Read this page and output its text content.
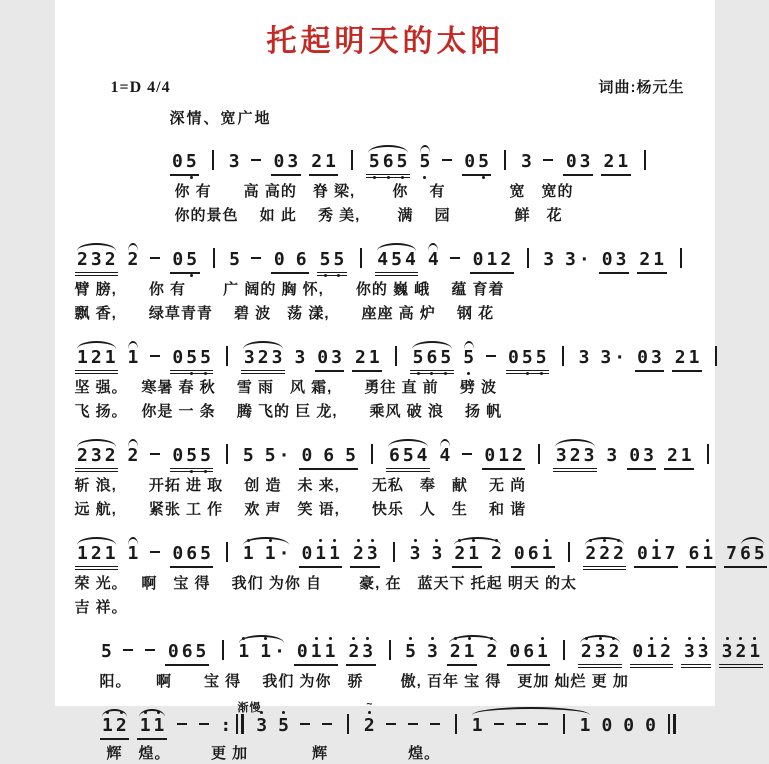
托起明天的太阳
1=D 4/4	词曲:杨元生
深情、宽广地
0 5 3 0 3 2 1 5 6 5 5 0 5 3 0 3 2 1
你 有　　高 高的　脊 梁,　　 你　 有　　　　宽　宽的
你的景色　 如 此　 秀 美,　　 满　 园　　　　鲜　花
2 3 2 2 0 5 5 0 6 5 5 4 5 4 4 0 1 2 3 3 · 0 3 2 1
臂 膀,　　你 有　　 广 阔的 胸 怀,　　你的 巍 峨　 蕴 育着
飘 香,　　绿草青青　 碧 波　荡 漾,　　座座 高 炉　 钢 花
1 2 1 1 0 5 5 3 2 3 3 0 3 2 1 5 6 5 5 0 5 5 3 3 · 0 3 2 1
坚 强。　 寒暑 春 秋　 雪 雨　风 霜,　　勇往 直 前　 劈 波
飞 扬。　 你是 一 条　 腾 飞的 巨 龙,　　乘风 破 浪　 扬 帆
2 3 2 2 0 5 5 5 5 · 0 6 5 6 5 4 4 0 1 2 3 2 3 3 0 3 2 1
斩 浪,　　开拓 进 取　 创 造　未 来,　　无私　奉　献　 无 尚
远 航,　　紧张 工 作　 欢 声　笑 语,　　快乐　人　生　 和 谐
1 2 1 1 0 6 5 1 1 · 0 1 1 2 3 3 3 2 1 2 0 6 1 2 2 2 0 1 7 6 1 7 6 5
荣 光。　 啊　宝 得　 我们 为你 自　　 豪, 在　蓝天下 托起 明天 的太
吉 祥。
5	0 6 5 1 1 · 0 1 1 2 3 5 3 2 1 2 0 6 1 2 3 2 0 1 2 3 3 3 2 1
阳。　　啊　　宝 得　 我们 为你　骄　　 傲, 百年 宝 得　更加 灿烂 更 加
1 2 1 1	: 3 5	2
∼
1	1 0 0 0
渐慢
辉　煌。　　　更 加　　　　辉　　　　　煌。
